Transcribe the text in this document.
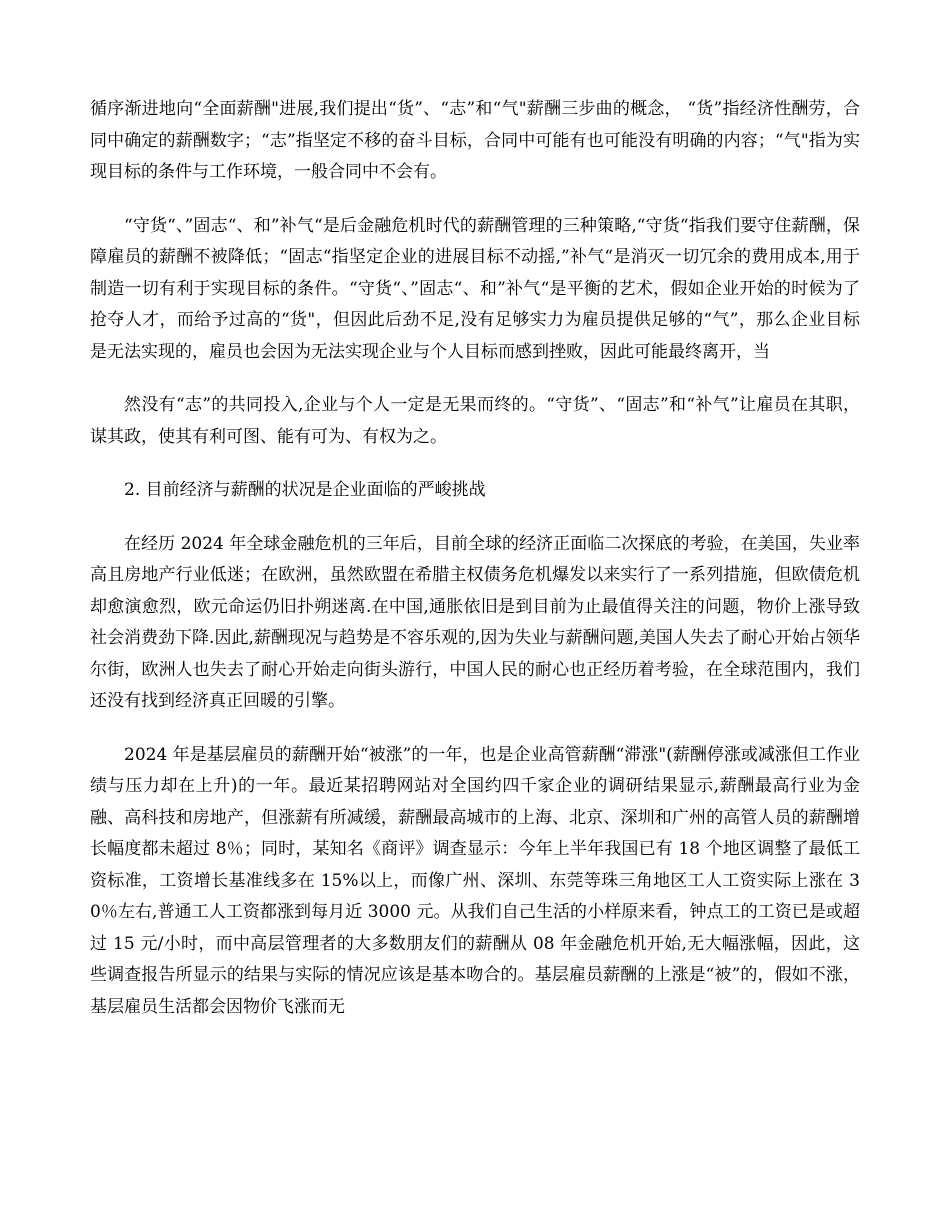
循序渐进地向“全面薪酬"进展,我们提出“货”、“志”和“气"薪酬三步曲的概念， “货”指经济性酬劳，合同中确定的薪酬数字；“志”指坚定不移的奋斗目标，合同中可能有也可能没有明确的内容；“气"指为实现目标的条件与工作环境，一般合同中不会有。

“守货“、”固志“、和”补气“是后金融危机时代的薪酬管理的三种策略,“守货“指我们要守住薪酬，保障雇员的薪酬不被降低；“固志“指坚定企业的进展目标不动摇,”补气“是消灭一切冗余的费用成本,用于制造一切有利于实现目标的条件。“守货“、”固志“、和”补气“是平衡的艺术，假如企业开始的时候为了抢夺人才，而给予过高的“货"，但因此后劲不足,没有足够实力为雇员提供足够的“气”，那么企业目标是无法实现的，雇员也会因为无法实现企业与个人目标而感到挫败，因此可能最终离开，当

然没有“志”的共同投入,企业与个人一定是无果而终的。“守货”、“固志”和“补气”让雇员在其职，谋其政，使其有利可图、能有可为、有权为之。

2. 目前经济与薪酬的状况是企业面临的严峻挑战

在经历 2024 年全球金融危机的三年后，目前全球的经济正面临二次探底的考验，在美国，失业率高且房地产行业低迷；在欧洲，虽然欧盟在希腊主权债务危机爆发以来实行了一系列措施，但欧债危机却愈演愈烈，欧元命运仍旧扑朔迷离.在中国,通胀依旧是到目前为止最值得关注的问题，物价上涨导致社会消费劲下降.因此,薪酬现况与趋势是不容乐观的,因为失业与薪酬问题,美国人失去了耐心开始占领华尔街，欧洲人也失去了耐心开始走向街头游行，中国人民的耐心也正经历着考验，在全球范围内，我们还没有找到经济真正回暖的引擎。

2024 年是基层雇员的薪酬开始“被涨”的一年，也是企业高管薪酬“滞涨"(薪酬停涨或减涨但工作业绩与压力却在上升)的一年。最近某招聘网站对全国约四千家企业的调研结果显示,薪酬最高行业为金融、高科技和房地产，但涨薪有所减缓，薪酬最高城市的上海、北京、深圳和广州的高管人员的薪酬增长幅度都未超过 8％；同时，某知名《商评》调查显示：今年上半年我国已有 18 个地区调整了最低工资标准，工资增长基准线多在 15%以上，而像广州、深圳、东莞等珠三角地区工人工资实际上涨在 30％左右,普通工人工资都涨到每月近 3000 元。从我们自己生活的小样原来看，钟点工的工资已是或超过 15 元/小时，而中高层管理者的大多数朋友们的薪酬从 08 年金融危机开始,无大幅涨幅，因此，这些调查报告所显示的结果与实际的情况应该是基本吻合的。基层雇员薪酬的上涨是“被”的，假如不涨，基层雇员生活都会因物价飞涨而无
